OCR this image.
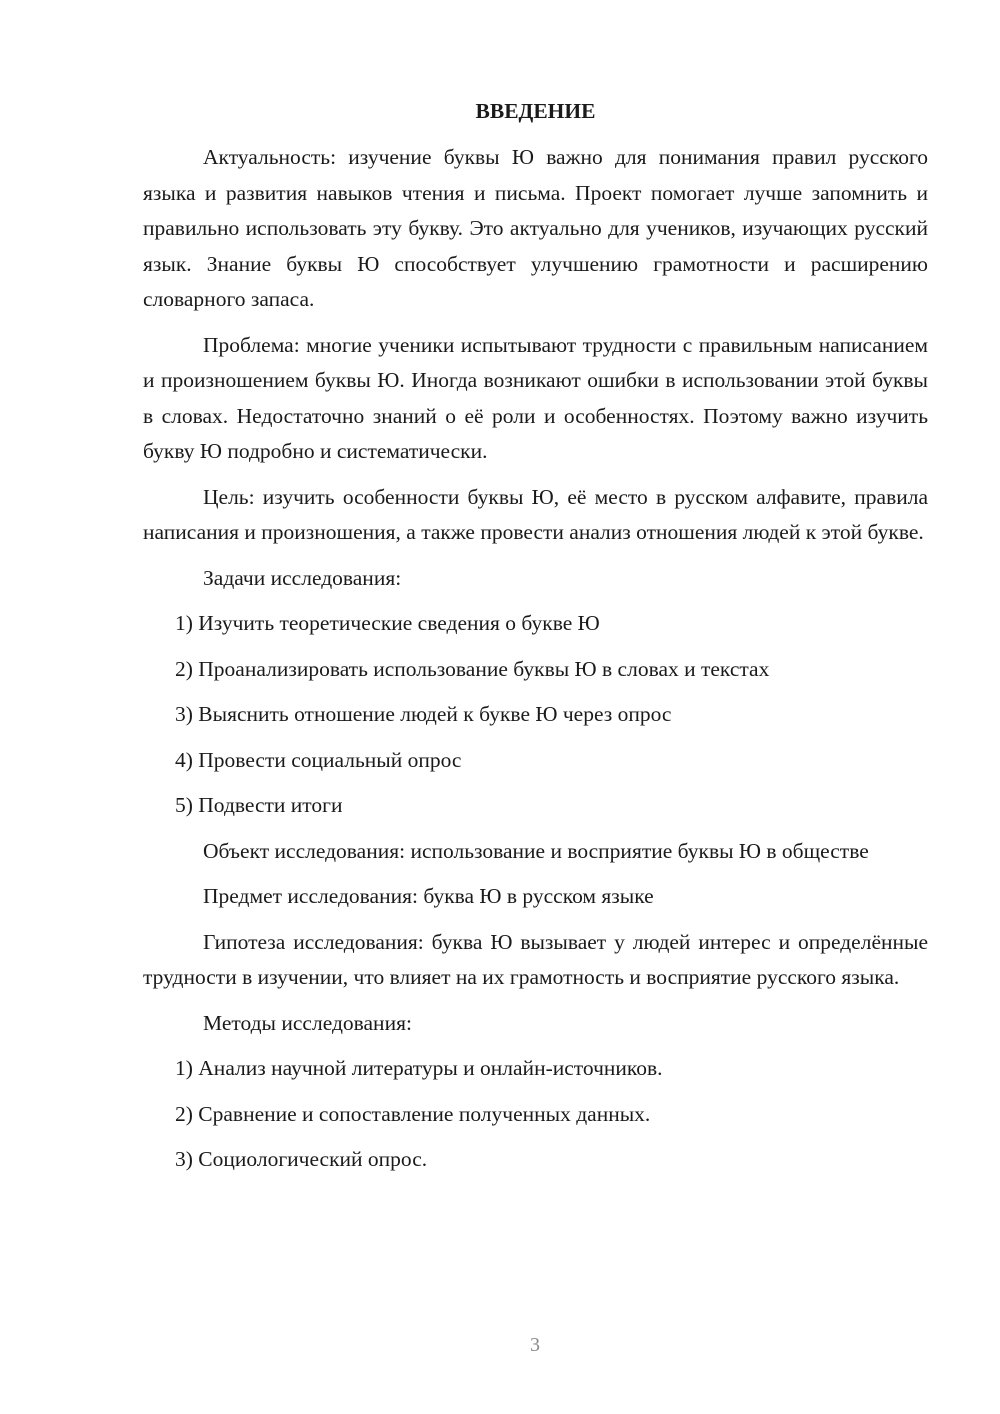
ВВЕДЕНИЕ

Актуальность: изучение буквы Ю важно для понимания правил русского языка и развития навыков чтения и письма. Проект помогает лучше запомнить и правильно использовать эту букву. Это актуально для учеников, изучающих русский язык. Знание буквы Ю способствует улучшению грамотности и расширению словарного запаса.

Проблема: многие ученики испытывают трудности с правильным написанием и произношением буквы Ю. Иногда возникают ошибки в использовании этой буквы в словах. Недостаточно знаний о её роли и особенностях. Поэтому важно изучить букву Ю подробно и систематически.

Цель: изучить особенности буквы Ю, её место в русском алфавите, правила написания и произношения, а также провести анализ отношения людей к этой букве.

Задачи исследования:

1) Изучить теоретические сведения о букве Ю

2) Проанализировать использование буквы Ю в словах и текстах

3) Выяснить отношение людей к букве Ю через опрос

4) Провести социальный опрос

5) Подвести итоги

Объект исследования: использование и восприятие буквы Ю в обществе

Предмет исследования: буква Ю в русском языке

Гипотеза исследования: буква Ю вызывает у людей интерес и определённые трудности в изучении, что влияет на их грамотность и восприятие русского языка.

Методы исследования:

1) Анализ научной литературы и онлайн-источников.

2) Сравнение и сопоставление полученных данных.

3) Социологический опрос.

3
